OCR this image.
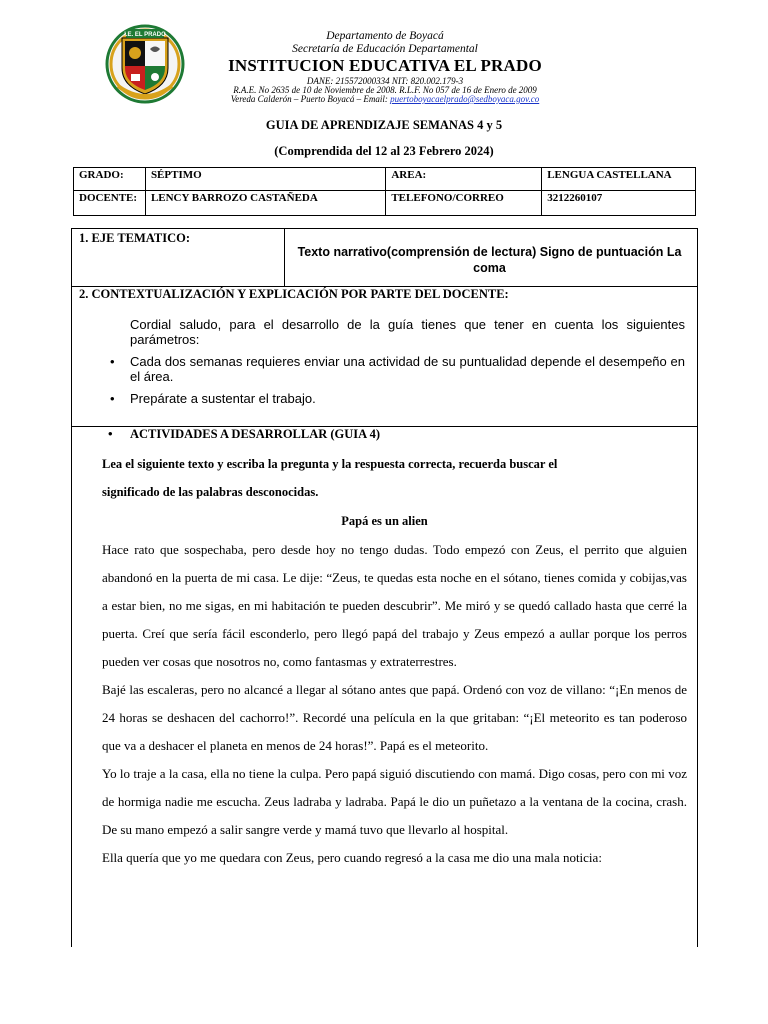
I.E. EL PRADO	Departamento de Boyacá
Secretaría de Educación Departamental
INSTITUCION EDUCATIVA EL PRADO
DANE: 215572000334 NIT: 820.002.179-3
R.A.E. No 2635 de 10 de Noviembre de 2008. R.L.F. No 057 de 16 de Enero de 2009
Vereda Calderón – Puerto Boyacá – Email: puertoboyacaelprado@sedboyaca.gov.co
GUIA DE APRENDIZAJE SEMANAS 4 y 5
(Comprendida del 12 al 23 Febrero 2024)
GRADO:	SÉPTIMO	AREA:	LENGUA CASTELLANA
DOCENTE:	LENCY BARROZO CASTAÑEDA	TELEFONO/CORREO	3212260107
1. EJE TEMATICO:
Texto narrativo(comprensión de lectura) Signo de puntuación La coma
2. CONTEXTUALIZACIÓN Y EXPLICACIÓN POR PARTE DEL DOCENTE:
Cordial saludo, para el desarrollo de la guía tienes que tener en cuenta los siguientes parámetros:
• Cada dos semanas requieres enviar una actividad de su puntualidad depende el desempeño en el área.
• Prepárate a sustentar el trabajo.
• ACTIVIDADES A DESARROLLAR (GUIA 4)
Lea el siguiente texto y escriba la pregunta y la respuesta correcta, recuerda buscar el
significado de las palabras desconocidas.
Papá es un alien

Hace rato que sospechaba, pero desde hoy no tengo dudas. Todo empezó con Zeus, el perrito que alguien abandonó en la puerta de mi casa. Le dije: “Zeus, te quedas esta noche en el sótano, tienes comida y cobijas,vas a estar bien, no me sigas, en mi habitación te pueden descubrir”. Me miró y se quedó callado hasta que cerré la puerta. Creí que sería fácil esconderlo, pero llegó papá del trabajo y Zeus empezó a aullar porque los perros pueden ver cosas que nosotros no, como fantasmas y extraterrestres.

Bajé las escaleras, pero no alcancé a llegar al sótano antes que papá. Ordenó con voz de villano: “¡En menos de 24 horas se deshacen del cachorro!”. Recordé una película en la que gritaban: “¡El meteorito es tan poderoso que va a deshacer el planeta en menos de 24 horas!”. Papá es el meteorito.

Yo lo traje a la casa, ella no tiene la culpa. Pero papá siguió discutiendo con mamá. Digo cosas, pero con mi voz de hormiga nadie me escucha. Zeus ladraba y ladraba. Papá le dio un puñetazo a la ventana de la cocina, crash. De su mano empezó a salir sangre verde y mamá tuvo que llevarlo al hospital.

Ella quería que yo me quedara con Zeus, pero cuando regresó a la casa me dio una mala noticia:
